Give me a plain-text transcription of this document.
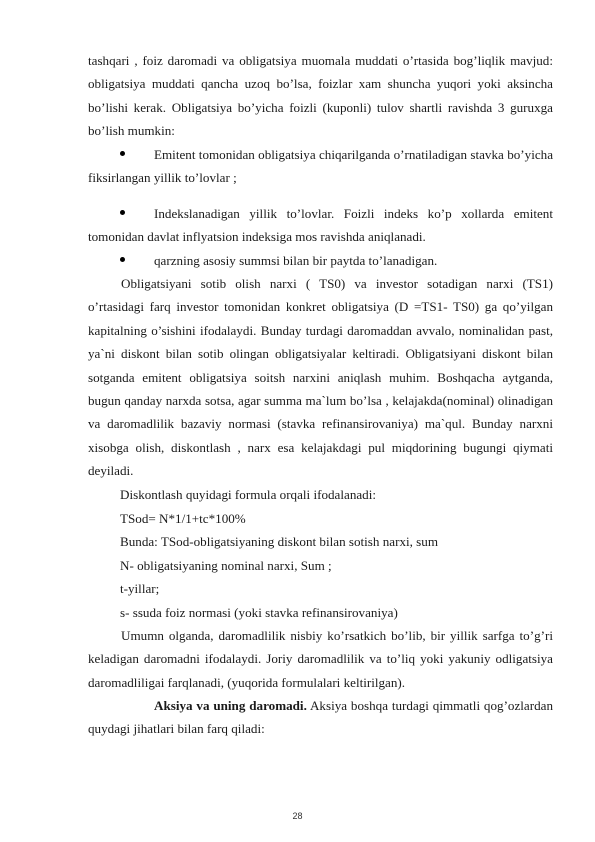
tashqari , foiz daromadi va obligatsiya muomala muddati o’rtasida bog’liqlik mavjud: obligatsiya muddati qancha uzoq bo’lsa, foizlar xam shuncha yuqori yoki aksincha bo’lishi kerak. Obligatsiya bo’yicha foizli (kuponli) tulov shartli ravishda 3 guruxga bo’lish mumkin:
Emitent tomonidan obligatsiya chiqarilganda o’rnatiladigan stavka bo’yicha fiksirlangan yillik to’lovlar ;
Indekslanadigan yillik to’lovlar. Foizli indeks ko’p xollarda emitent tomonidan davlat inflyatsion indeksiga mos ravishda aniqlanadi.
qarzning asosiy summsi bilan bir paytda to’lanadigan.
Obligatsiyani sotib olish narxi ( TS0) va investor sotadigan narxi (TS1) o’rtasidagi farq investor tomonidan konkret obligatsiya (D =TS1- TS0) ga qo’yilgan kapitalning o’sishini ifodalaydi. Bunday turdagi daromaddan avvalo, nominalidan past, ya`ni diskont bilan sotib olingan obligatsiyalar keltiradi. Obligatsiyani diskont bilan sotganda emitent obligatsiya soitsh narxini aniqlash muhim. Boshqacha aytganda, bugun qanday narxda sotsa, agar summa ma`lum bo’lsa , kelajakda(nominal) olinadigan va daromadlilik bazaviy normasi (stavka refinansirovaniya) ma`qul. Bunday narxni xisobga olish, diskontlash , narx esa kelajakdagi pul miqdorining bugungi qiymati deyiladi.
Diskontlash quyidagi formula orqali ifodalanadi:
TSod= N*1/1+tc*100%
Bunda: TSod-obligatsiyaning diskont bilan sotish narxi, sum
N- obligatsiyaning nominal narxi, Sum ;
t-yillar;
s- ssuda foiz normasi (yoki stavka refinansirovaniya)
Umumn olganda, daromadlilik nisbiy ko’rsatkich bo’lib, bir yillik sarfga to’g’ri keladigan daromadni ifodalaydi. Joriy daromadlilik va to’liq yoki yakuniy odligatsiya daromadliligai farqlanadi, (yuqorida formulalari keltirilgan).
Aksiya va uning daromadi. Aksiya boshqa turdagi qimmatli qog’ozlardan quydagi jihatlari bilan farq qiladi:
28
